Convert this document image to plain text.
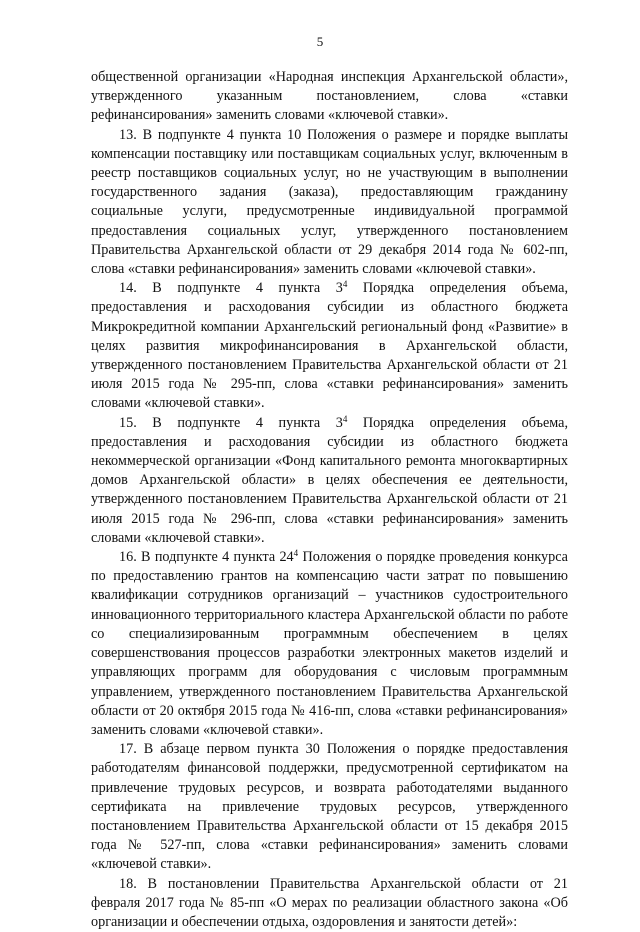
5

общественной организации «Народная инспекция Архангельской области», утвержденного указанным постановлением, слова «ставки рефинансирования» заменить словами «ключевой ставки».

13. В подпункте 4 пункта 10 Положения о размере и порядке выплаты компенсации поставщику или поставщикам социальных услуг, включенным в реестр поставщиков социальных услуг, но не участвующим в выполнении государственного задания (заказа), предоставляющим гражданину социальные услуги, предусмотренные индивидуальной программой предоставления социальных услуг, утвержденного постановлением Правительства Архангельской области от 29 декабря 2014 года № 602-пп, слова «ставки рефинансирования» заменить словами «ключевой ставки».

14. В подпункте 4 пункта $3^4$ Порядка определения объема, предоставления и расходования субсидии из областного бюджета Микрокредитной компании Архангельский региональный фонд «Развитие» в целях развития микрофинансирования в Архангельской области, утвержденного постановлением Правительства Архангельской области от 21 июля 2015 года № 295-пп, слова «ставки рефинансирования» заменить словами «ключевой ставки».

15. В подпункте 4 пункта $3^4$ Порядка определения объема, предоставления и расходования субсидии из областного бюджета некоммерческой организации «Фонд капитального ремонта многоквартирных домов Архангельской области» в целях обеспечения ее деятельности, утвержденного постановлением Правительства Архангельской области от 21 июля 2015 года № 296-пп, слова «ставки рефинансирования» заменить словами «ключевой ставки».

16. В подпункте 4 пункта $24^4$ Положения о порядке проведения конкурса по предоставлению грантов на компенсацию части затрат по повышению квалификации сотрудников организаций – участников судостроительного инновационного территориального кластера Архангельской области по работе со специализированным программным обеспечением в целях совершенствования процессов разработки электронных макетов изделий и управляющих программ для оборудования с числовым программным управлением, утвержденного постановлением Правительства Архангельской области от 20 октября 2015 года № 416-пп, слова «ставки рефинансирования» заменить словами «ключевой ставки».

17. В абзаце первом пункта 30 Положения о порядке предоставления работодателям финансовой поддержки, предусмотренной сертификатом на привлечение трудовых ресурсов, и возврата работодателями выданного сертификата на привлечение трудовых ресурсов, утвержденного постановлением Правительства Архангельской области от 15 декабря 2015 года № 527-пп, слова «ставки рефинансирования» заменить словами «ключевой ставки».

18. В постановлении Правительства Архангельской области от 21 февраля 2017 года № 85-пп «О мерах по реализации областного закона «Об организации и обеспечении отдыха, оздоровления и занятости детей»:
